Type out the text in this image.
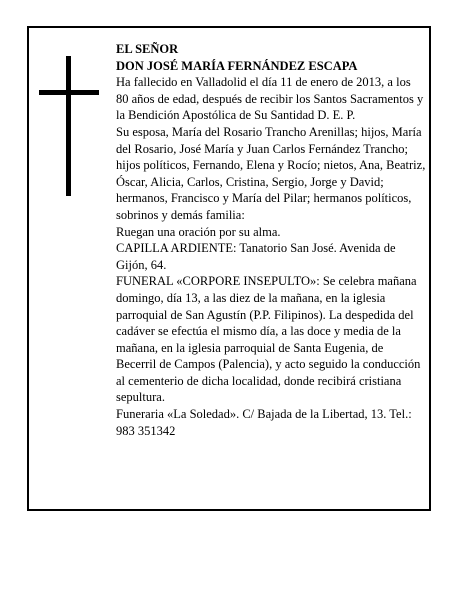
EL SEÑOR

DON JOSÉ MARÍA FERNÁNDEZ ESCAPA

Ha fallecido en Valladolid el día 11 de enero de 2013, a los 80 años de edad, después de recibir los Santos Sacramentos y la Bendición Apostólica de Su Santidad D. E. P.

Su esposa, María del Rosario Trancho Arenillas; hijos, María del Rosario, José María y Juan Carlos Fernández Trancho; hijos políticos, Fernando, Elena y Rocío; nietos, Ana, Beatriz, Óscar, Alicia, Carlos, Cristina, Sergio, Jorge y David; hermanos, Francisco y María del Pilar; hermanos políticos, sobrinos y demás familia:

Ruegan una oración por su alma.

CAPILLA ARDIENTE: Tanatorio San José. Avenida de Gijón, 64.

FUNERAL «CORPORE INSEPULTO»: Se celebra mañana domingo, día 13, a las diez de la mañana, en la iglesia parroquial de San Agustín (P.P. Filipinos). La despedida del cadáver se efectúa el mismo día, a las doce y media de la mañana, en la iglesia parroquial de Santa Eugenia, de Becerril de Campos (Palencia), y acto seguido la conducción al cementerio de dicha localidad, donde recibirá cristiana sepultura.

Funeraria «La Soledad». C/ Bajada de la Libertad, 13. Tel.: 983 351342
